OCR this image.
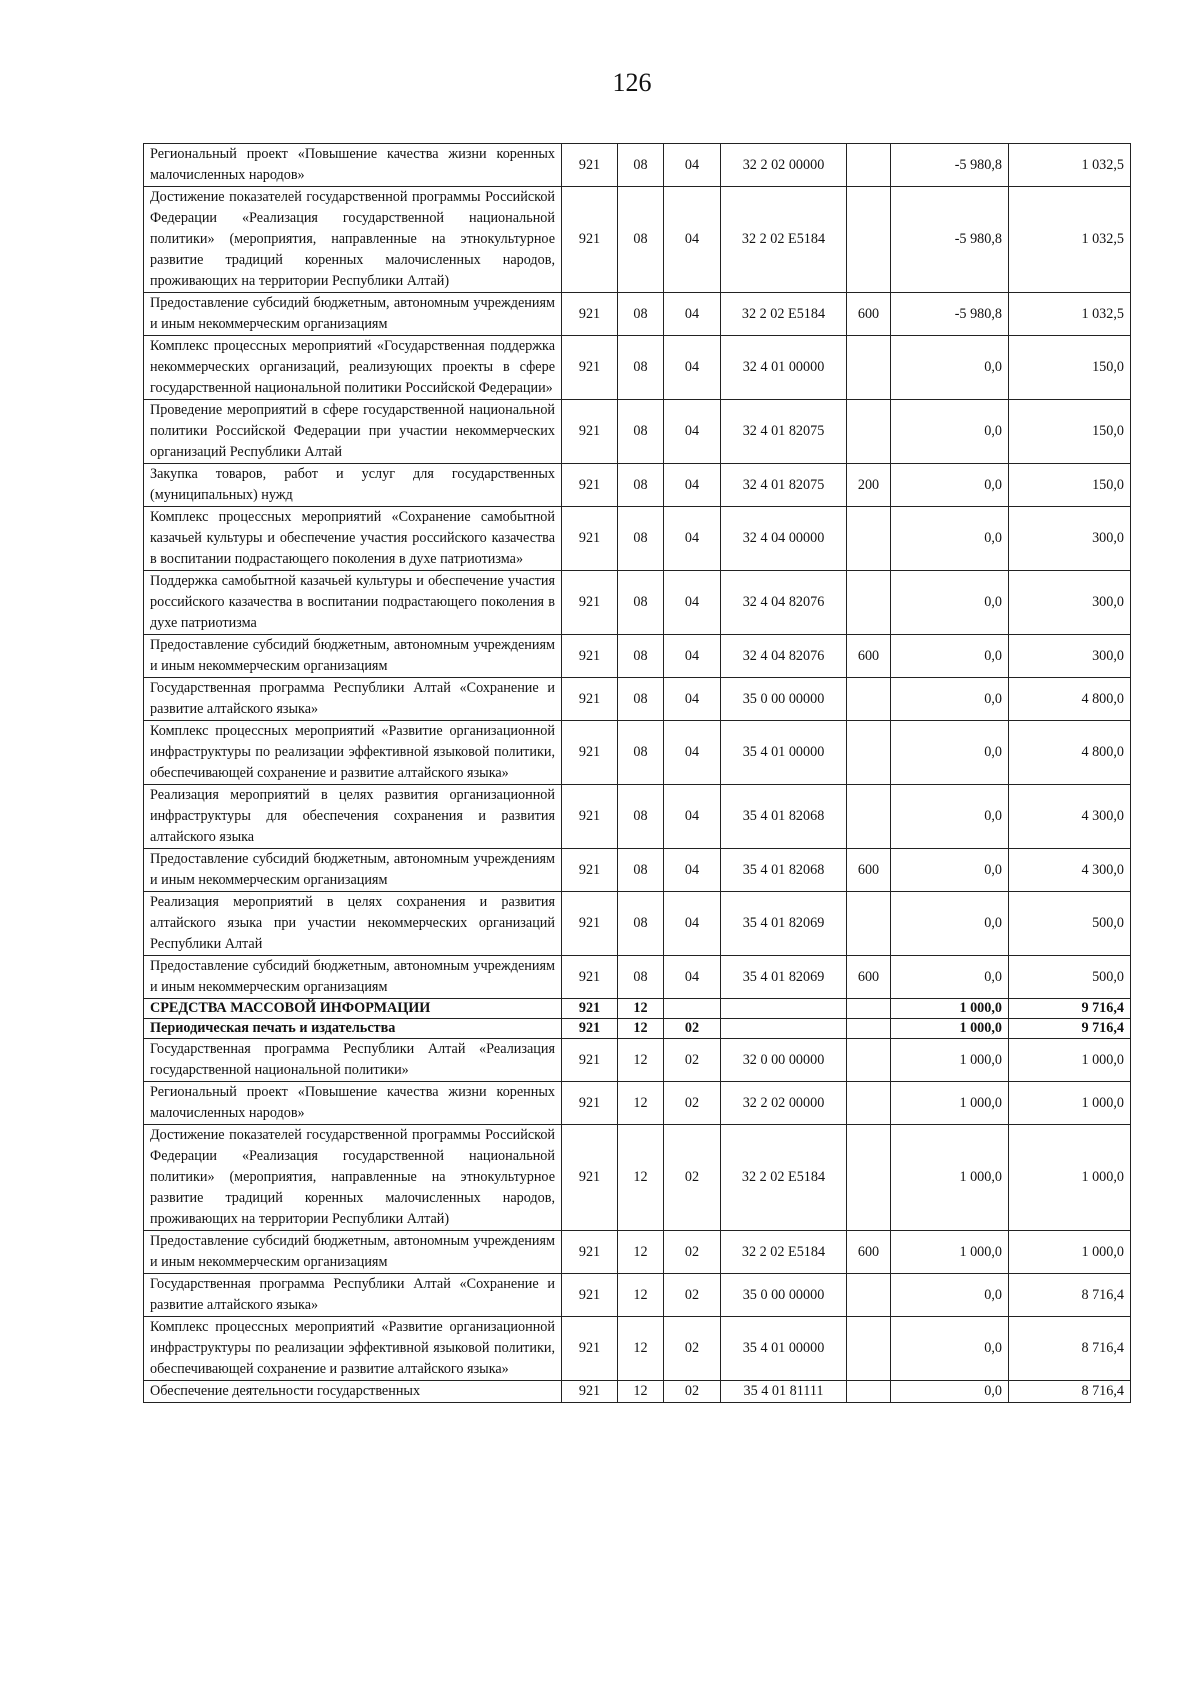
126
Региональный проект «Повышение качества жизни коренных малочисленных народов»	921	08	04	32 2 02 00000		-5 980,8	1 032,5
Достижение показателей государственной программы Российской Федерации «Реализация государственной национальной политики» (мероприятия, направленные на этнокультурное развитие традиций коренных малочисленных народов, проживающих на территории Республики Алтай)	921	08	04	32 2 02 E5184		-5 980,8	1 032,5
Предоставление субсидий бюджетным, автономным учреждениям и иным некоммерческим организациям	921	08	04	32 2 02 E5184	600	-5 980,8	1 032,5
Комплекс процессных мероприятий «Государственная поддержка некоммерческих организаций, реализующих проекты в сфере государственной национальной политики Российской Федерации»	921	08	04	32 4 01 00000		0,0	150,0
Проведение мероприятий в сфере государственной национальной политики Российской Федерации при участии некоммерческих организаций Республики Алтай	921	08	04	32 4 01 82075		0,0	150,0
Закупка товаров, работ и услуг для государственных (муниципальных) нужд	921	08	04	32 4 01 82075	200	0,0	150,0
Комплекс процессных мероприятий «Сохранение самобытной казачьей культуры и обеспечение участия российского казачества в воспитании подрастающего поколения в духе патриотизма»	921	08	04	32 4 04 00000		0,0	300,0
Поддержка самобытной казачьей культуры и обеспечение участия российского казачества в воспитании подрастающего поколения в духе патриотизма	921	08	04	32 4 04 82076		0,0	300,0
Предоставление субсидий бюджетным, автономным учреждениям и иным некоммерческим организациям	921	08	04	32 4 04 82076	600	0,0	300,0
Государственная программа Республики Алтай «Сохранение и развитие алтайского языка»	921	08	04	35 0 00 00000		0,0	4 800,0
Комплекс процессных мероприятий «Развитие организационной инфраструктуры по реализации эффективной языковой политики, обеспечивающей сохранение и развитие алтайского языка»	921	08	04	35 4 01 00000		0,0	4 800,0
Реализация мероприятий в целях развития организационной инфраструктуры для обеспечения сохранения и развития алтайского языка	921	08	04	35 4 01 82068		0,0	4 300,0
Предоставление субсидий бюджетным, автономным учреждениям и иным некоммерческим организациям	921	08	04	35 4 01 82068	600	0,0	4 300,0
Реализация мероприятий в целях сохранения и развития алтайского языка при участии некоммерческих организаций Республики Алтай	921	08	04	35 4 01 82069		0,0	500,0
Предоставление субсидий бюджетным, автономным учреждениям и иным некоммерческим организациям	921	08	04	35 4 01 82069	600	0,0	500,0
СРЕДСТВА МАССОВОЙ ИНФОРМАЦИИ	921	12				1 000,0	9 716,4
Периодическая печать и издательства	921	12	02			1 000,0	9 716,4
Государственная программа Республики Алтай «Реализация государственной национальной политики»	921	12	02	32 0 00 00000		1 000,0	1 000,0
Региональный проект «Повышение качества жизни коренных малочисленных народов»	921	12	02	32 2 02 00000		1 000,0	1 000,0
Достижение показателей государственной программы Российской Федерации «Реализация государственной национальной политики» (мероприятия, направленные на этнокультурное развитие традиций коренных малочисленных народов, проживающих на территории Республики Алтай)	921	12	02	32 2 02 E5184		1 000,0	1 000,0
Предоставление субсидий бюджетным, автономным учреждениям и иным некоммерческим организациям	921	12	02	32 2 02 E5184	600	1 000,0	1 000,0
Государственная программа Республики Алтай «Сохранение и развитие алтайского языка»	921	12	02	35 0 00 00000		0,0	8 716,4
Комплекс процессных мероприятий «Развитие организационной инфраструктуры по реализации эффективной языковой политики, обеспечивающей сохранение и развитие алтайского языка»	921	12	02	35 4 01 00000		0,0	8 716,4
Обеспечение деятельности государственных	921	12	02	35 4 01 81111		0,0	8 716,4
